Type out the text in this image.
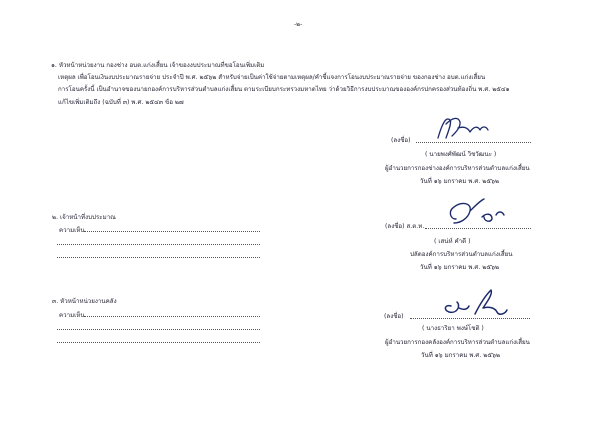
-๒-

๑. หัวหน้าหน่วยงาน กองช่าง อบต.แก่งเสี้ยน เจ้าของงบประมาณที่ขอโอนเพิ่มเติม

เหตุผล เพื่อโอนเงินงบประมาณรายจ่าย ประจำปี พ.ศ. ๒๕๖๒ สำหรับจ่ายเป็นค่าใช้จ่ายตามเหตุผล/คำชี้แจงการโอนงบประมาณรายจ่าย ของกองช่าง อบต.แก่งเสี้ยน

การโอนครั้งนี้ เป็นอำนาจของนายกองค์การบริหารส่วนตำบลแก่งเสี้ยน ตามระเบียบกระทรวงมหาดไทย ว่าด้วยวิธีการงบประมาณขององค์กรปกครองส่วนท้องถิ่น พ.ศ. ๒๕๔๑

แก้ไขเพิ่มเติมถึง (ฉบับที่ ๓) พ.ศ. ๒๕๔๓ ข้อ ๒๗

(ลงชื่อ)
( นายพงศ์พัฒน์ วิชวัฒนะ )
ผู้อำนวยการกองช่างองค์การบริหารส่วนตำบลแก่งเสี้ยน
วันที่ ๑๖ มกราคม พ.ศ. ๒๕๖๒
๒. เจ้าหน้าที่งบประมาณ
ความเห็น
(ลงชื่อ) ส.ต.ท.
( เสน่ห์ คำดี )
ปลัดองค์การบริหารส่วนตำบลแก่งเสี้ยน
วันที่ ๑๖ มกราคม พ.ศ. ๒๕๖๒
๓. หัวหน้าหน่วยงานคลัง
ความเห็น	(ลงชื่อ)
( นางธาริยา พงษ์โชติ )
ผู้อำนวยการกองคลังองค์การบริหารส่วนตำบลแก่งเสี้ยน
วันที่ ๑๖ มกราคม พ.ศ. ๒๕๖๒
